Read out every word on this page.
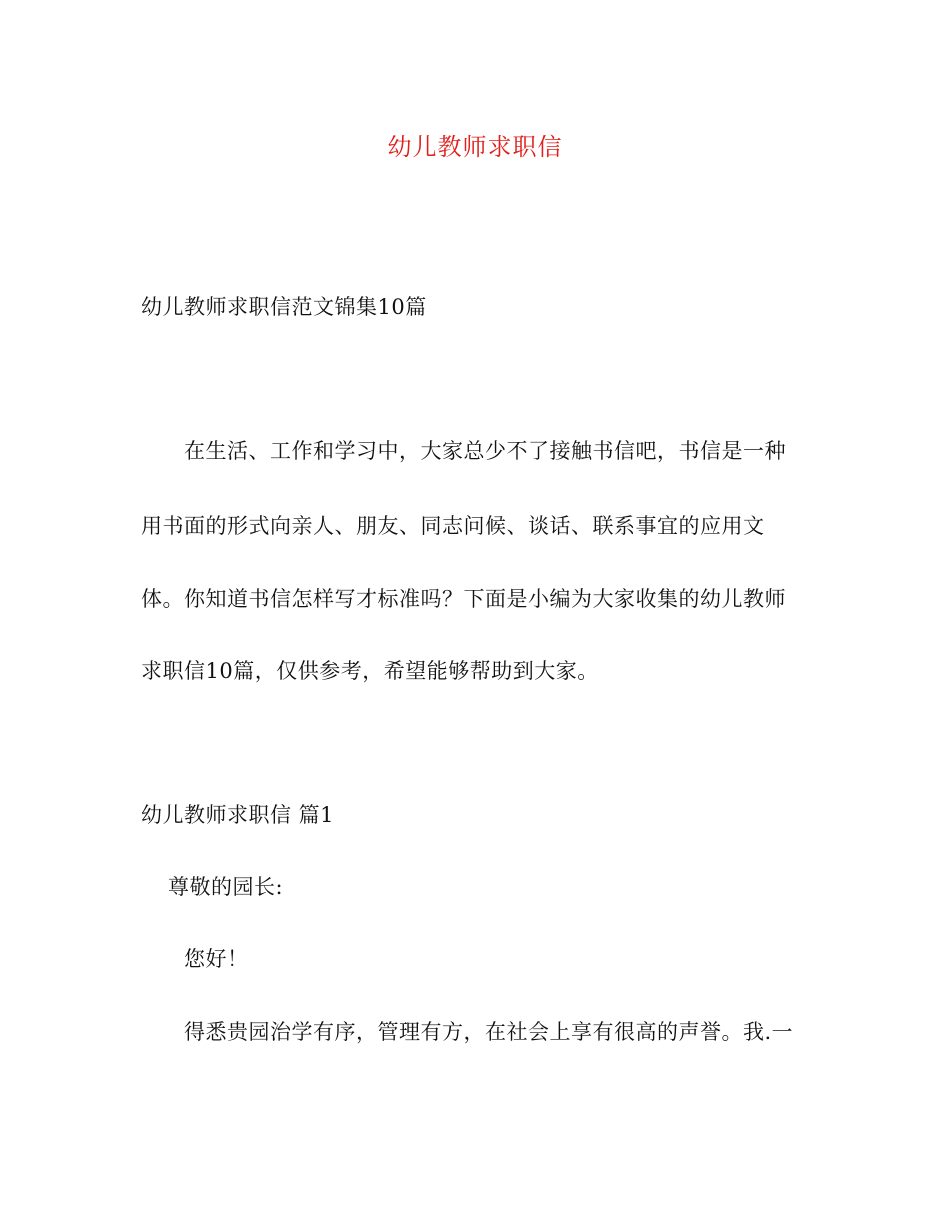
幼儿教师求职信
幼儿教师求职信范文锦集10篇
在生活、工作和学习中，大家总少不了接触书信吧，书信是一种
用书面的形式向亲人、朋友、同志问候、谈话、联系事宜的应用文
体。你知道书信怎样写才标准吗？下面是小编为大家收集的幼儿教师
求职信10篇，仅供参考，希望能够帮助到大家。
幼儿教师求职信 篇1
尊敬的园长:
您好！
得悉贵园治学有序，管理有方，在社会上享有很高的声誉。我.一
